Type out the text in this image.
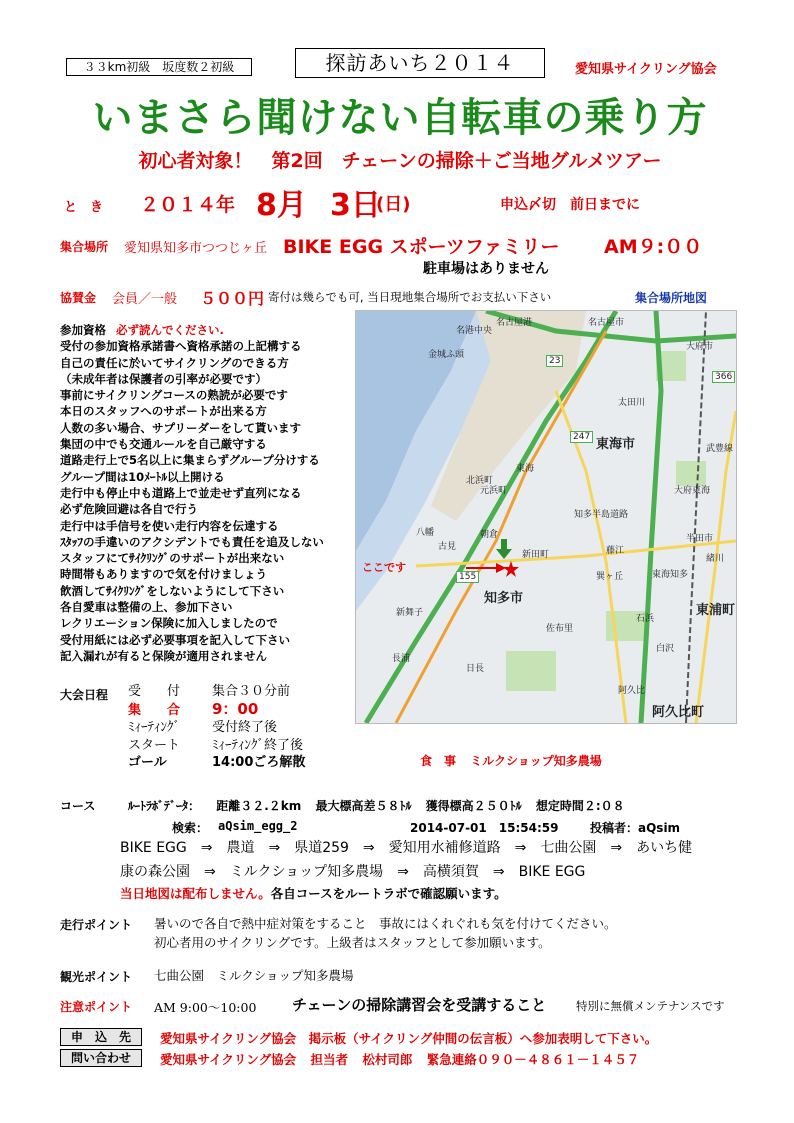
３３km初級　坂度数２初級	探訪あいち２０１４	愛知県サイクリング協会
いまさら聞けない自転車の乗り方
初心者対象！　第2回　チェーンの掃除＋ご当地グルメツアー
と　き ２０１４年 8月 3日
(日)	申込〆切　前日までに
集合場所 愛知県知多市つつじヶ丘 BIKE EGG スポーツファミリー AM９:００
駐車場はありません
協賛金 会員／一般 ５００円 寄付は幾らでも可, 当日現地集合場所でお支払い下さい	集合場所地図
参加資格 必ず読んでください.
受付の参加資格承諾書へ資格承諾の上記構する
自己の責任に於いてサイクリングのできる方
（未成年者は保護者の引率が必要です）
事前にサイクリングコースの熟読が必要です
本日のスタッフへのサポートが出来る方
人数の多い場合、サプリーダーをして貰います
集団の中でも交通ルールを自己厳守する
道路走行上で5名以上に集まらずグループ分けする
グループ間は10ﾒｰﾄﾙ以上開ける
走行中も停止中も道路上で並走せず直列になる
必ず危険回避は各自で行う
走行中は手信号を使い走行内容を伝達する
ｽﾀｯﾌの手違いのアクシデントでも責任を追及しない
スタッフにてｻｲｸﾘﾝｸﾞのサポートが出来ない
時間帯もありますので気を付けましょう
飲酒してｻｲｸﾘﾝｸﾞをしないようにして下さい
各自愛車は整備の上、参加下さい
レクリエーション保険に加入しましたので
受付用紙には必ず必要事項を記入して下さい
記入漏れが有ると保険が適用されません
ここです
東海市
知多市
東浦町
阿久比町
名港中央
名古屋港
金城ふ頭
東海
太田川
大府市
北浜町
元浜町
名古屋市
半田市
大府東海
知多半島道路
八幡
新舞子
日長
長浦
佐布里
巽ヶ丘
白沢
阿久比
武豊線
朝倉
古見
新田町	緒川
藤江
石浜
東海知多
155
247
23
366
大会日程 受　　付 集合３０分前
集　　合 9：00
ﾐｨｰﾃｨﾝｸﾞ 受付終了後
スタート ﾐｨｰﾃｨﾝｸﾞ終了後
ゴール	14:00ごろ解散	食　事 ミルクショップ知多農場
コース	ﾙｰﾄﾗﾎﾞﾃﾞｰﾀ： 距離３２.２km 最大標高差５８ﾄﾙ 獲得標高２５０ﾄﾙ 想定時間２:０８
検索： aQsim_egg_2	2014-07-01　15:54:59	投稿者：aQsim
BIKE EGG　⇒　農道　⇒　県道259　⇒　愛知用水補修道路　⇒　七曲公園　⇒　あいち健
康の森公園　⇒　ミルクショップ知多農場　⇒　高横須賀　⇒　BIKE EGG
当日地図は配布しません。各自コースをルートラボで確認願います。
走行ポイント 暑いので各自で熱中症対策をすること　事故にはくれぐれも気を付けてください。
初心者用のサイクリングです。上級者はスタッフとして参加願います。
観光ポイント 七曲公園　ミルクショップ知多農場
注意ポイント AM 9:00～10:00 チェーンの掃除講習会を受講すること	特別に無償メンテナンスです
申　込　先	愛知県サイクリング協会　掲示板（サイクリング仲間の伝言板）へ参加表明して下さい。
問い合わせ	愛知県サイクリング協会 担当者 松村司郎 緊急連絡０９０－４８６１－１４５７
